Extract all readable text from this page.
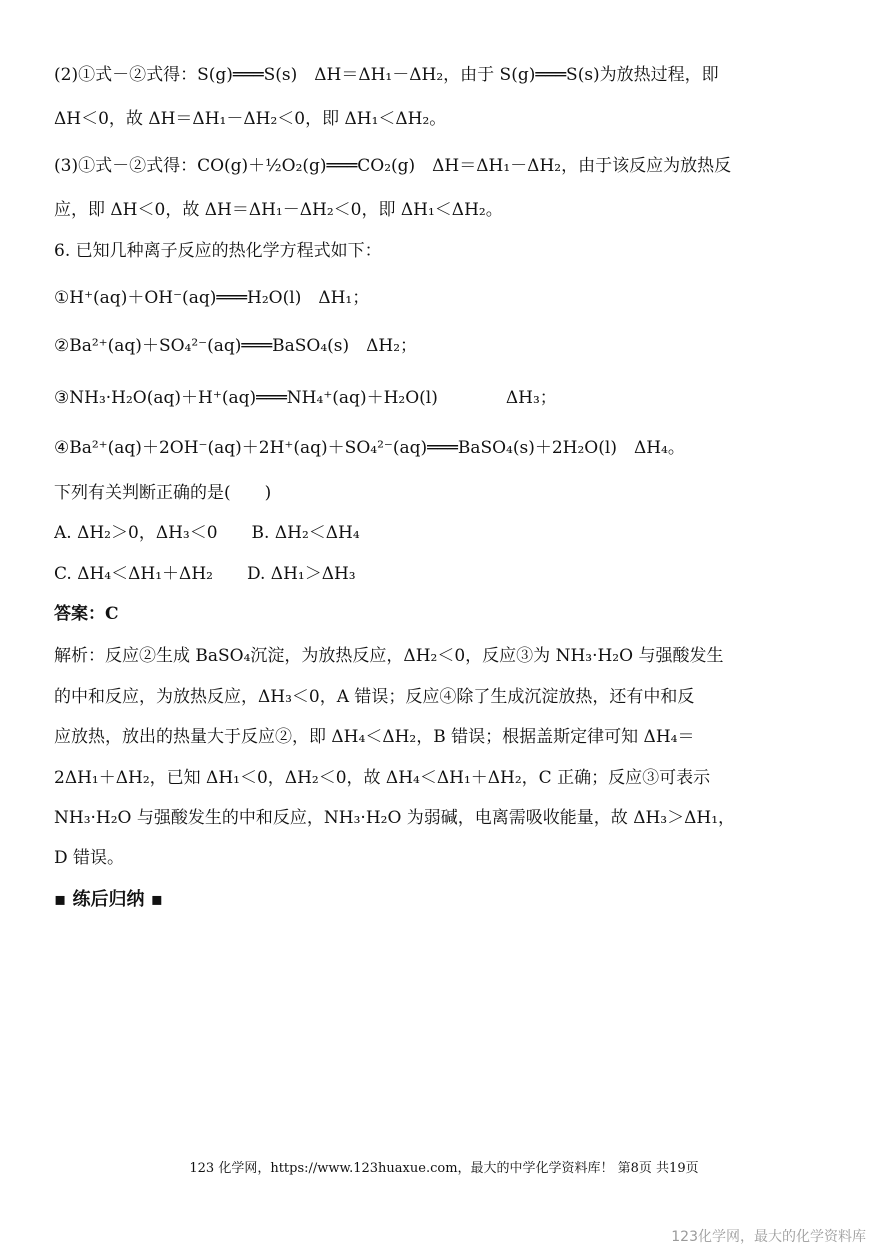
(2)①式－②式得：S(g)═══S(s)　ΔH＝ΔH₁－ΔH₂，由于 S(g)═══S(s)为放热过程，即
ΔH＜0，故 ΔH＝ΔH₁－ΔH₂＜0，即 ΔH₁＜ΔH₂。
(3)①式－②式得：CO(g)＋½O₂(g)═══CO₂(g)　ΔH＝ΔH₁－ΔH₂，由于该反应为放热反
应，即 ΔH＜0，故 ΔH＝ΔH₁－ΔH₂＜0，即 ΔH₁＜ΔH₂。
6. 已知几种离子反应的热化学方程式如下：
①H⁺(aq)＋OH⁻(aq)═══H₂O(l)　ΔH₁；
②Ba²⁺(aq)＋SO₄²⁻(aq)═══BaSO₄(s)　ΔH₂；
③NH₃·H₂O(aq)＋H⁺(aq)═══NH₄⁺(aq)＋H₂O(l)　　　　ΔH₃；
④Ba²⁺(aq)＋2OH⁻(aq)＋2H⁺(aq)＋SO₄²⁻(aq)═══BaSO₄(s)＋2H₂O(l)　ΔH₄。
下列有关判断正确的是(　　)
A. ΔH₂＞0，ΔH₃＜0　　B. ΔH₂＜ΔH₄
C. ΔH₄＜ΔH₁＋ΔH₂　　D. ΔH₁＞ΔH₃
答案：C
解析：反应②生成 BaSO₄沉淀，为放热反应，ΔH₂＜0，反应③为 NH₃·H₂O 与强酸发生
的中和反应，为放热反应，ΔH₃＜0，A 错误；反应④除了生成沉淀放热，还有中和反
应放热，放出的热量大于反应②，即 ΔH₄＜ΔH₂，B 错误；根据盖斯定律可知 ΔH₄＝
2ΔH₁＋ΔH₂，已知 ΔH₁＜0，ΔH₂＜0，故 ΔH₄＜ΔH₁＋ΔH₂，C 正确；反应③可表示
NH₃·H₂O 与强酸发生的中和反应，NH₃·H₂O 为弱碱，电离需吸收能量，故 ΔH₃＞ΔH₁，
D 错误。
▪ 练后归纳 ▪
123 化学网，https://www.123huaxue.com，最大的中学化学资料库！ 第8页 共19页
123化学网，最大的化学资料库
